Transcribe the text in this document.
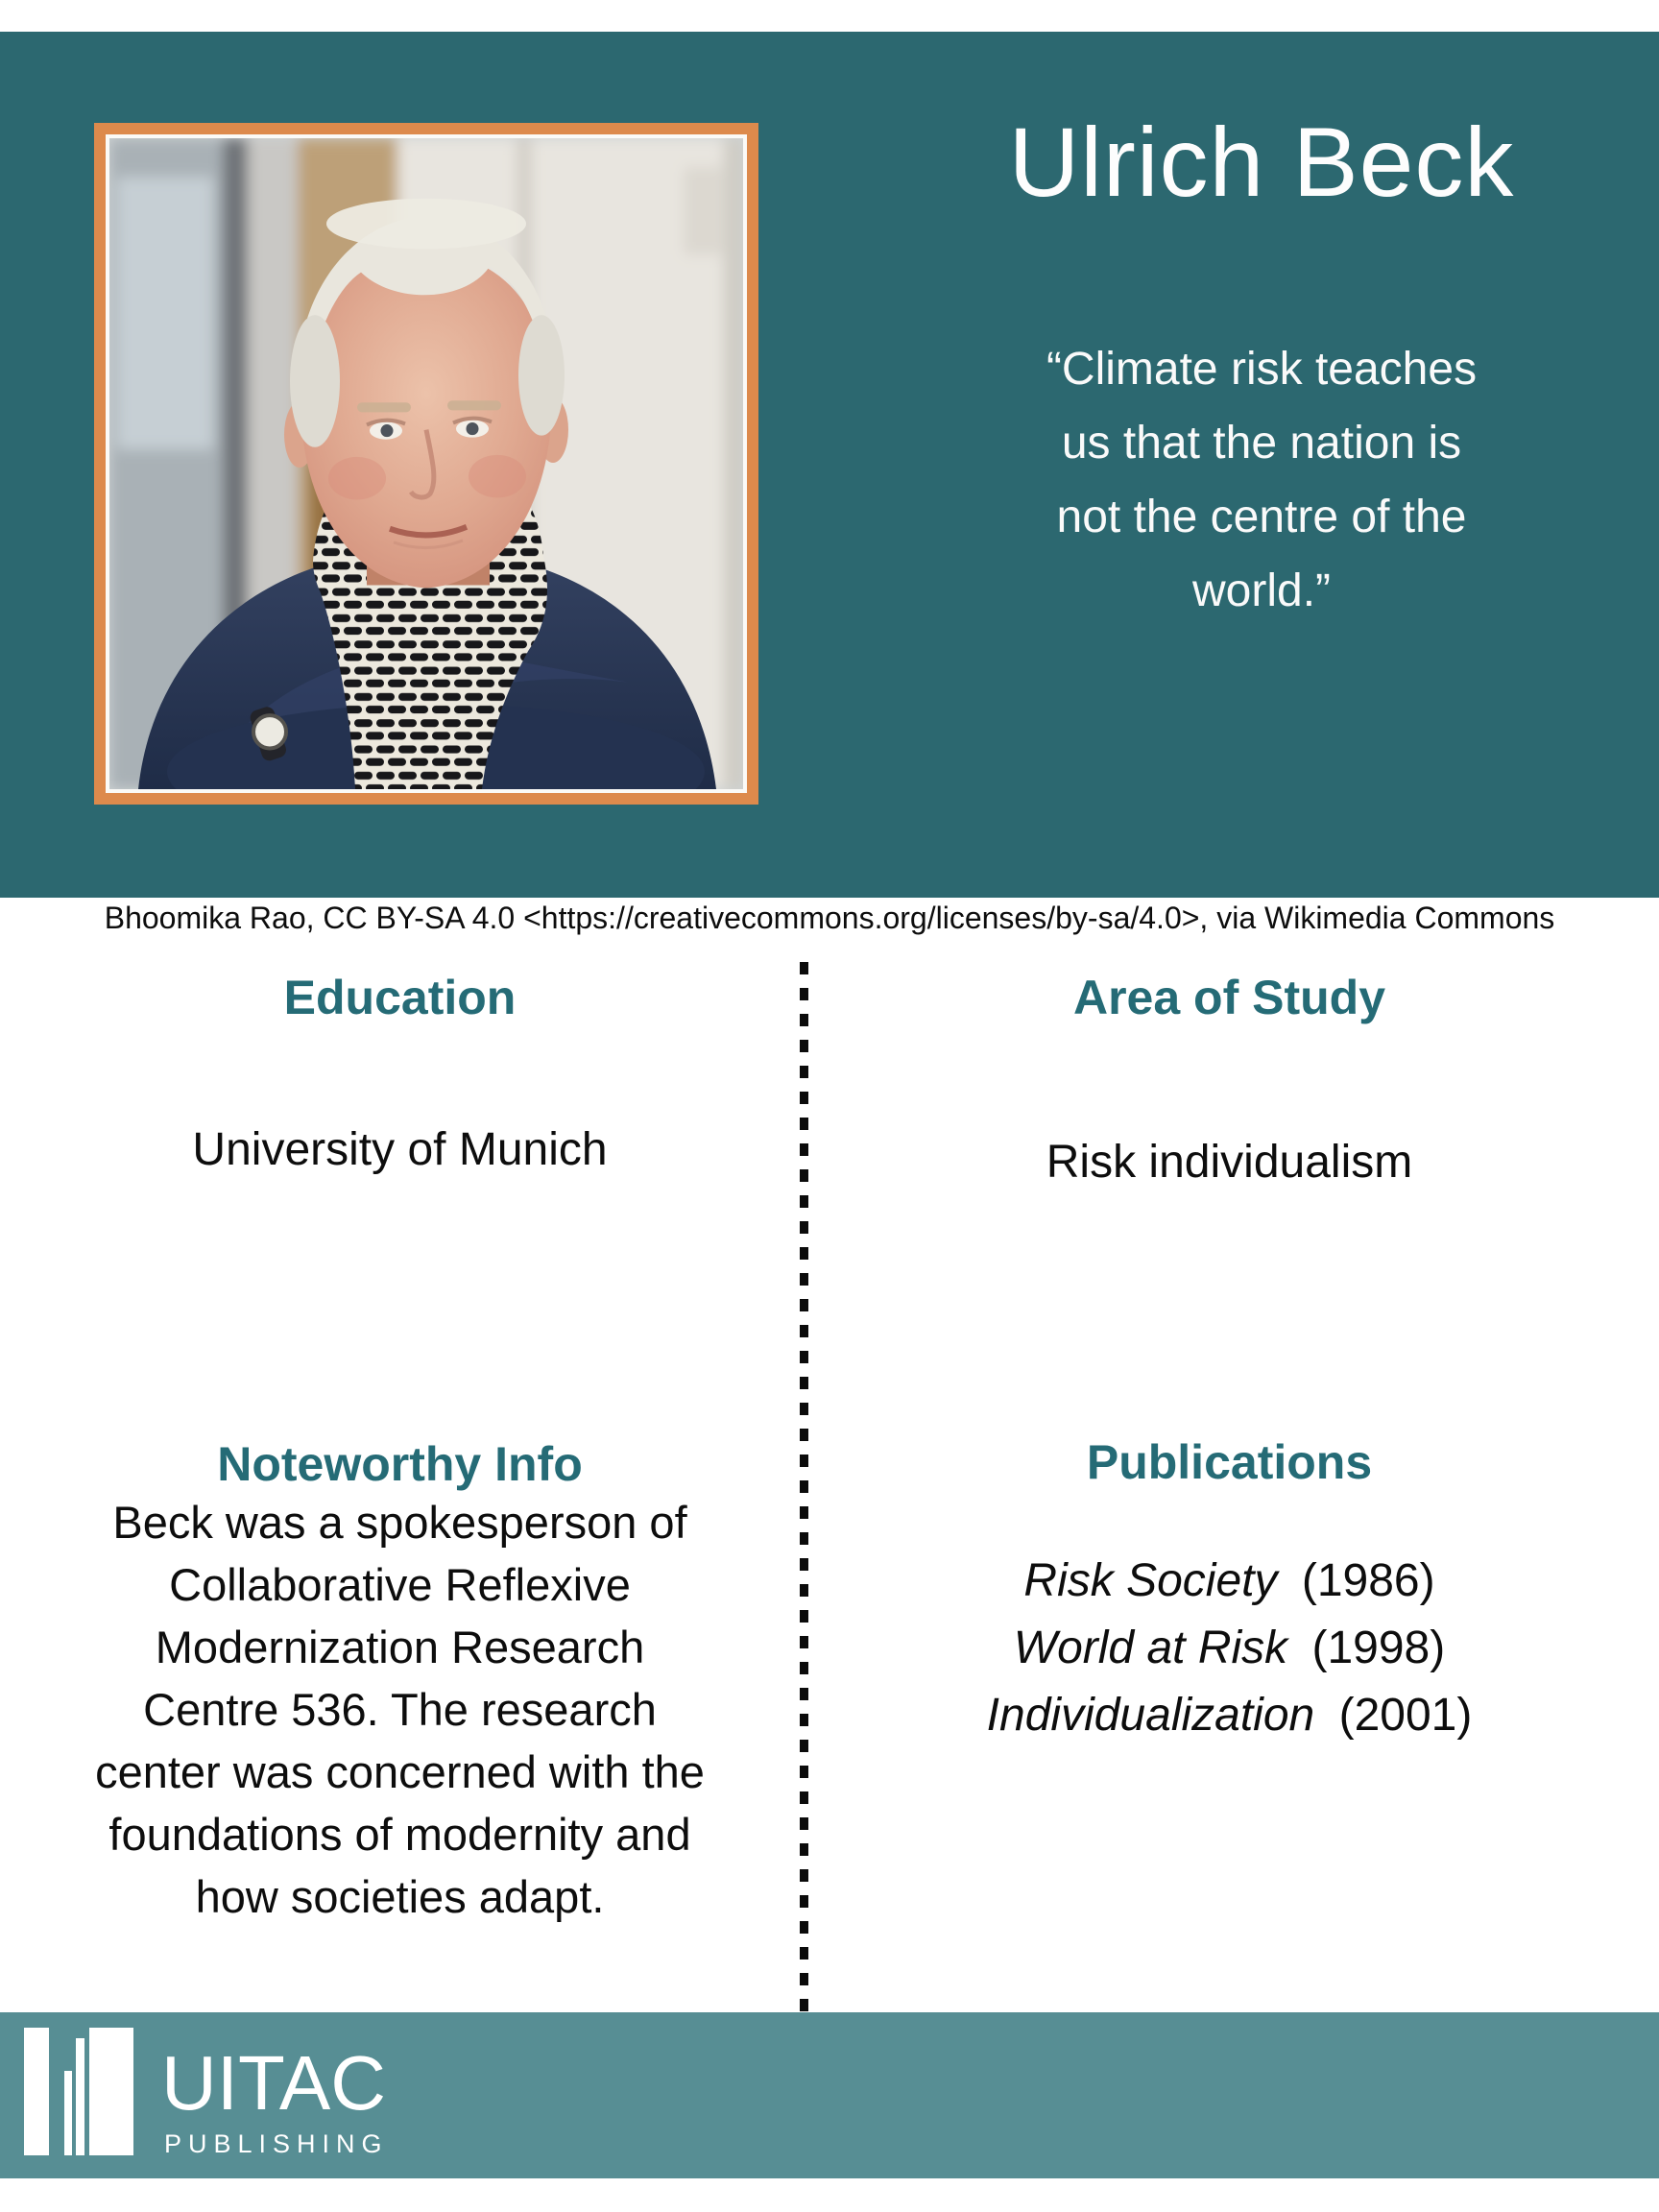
Ulrich Beck
“Climate risk teaches
us that the nation is
not the centre of the
world.”
Bhoomika Rao, CC BY-SA 4.0 <https://creativecommons.org/licenses/by-sa/4.0>, via Wikimedia Commons
Education
University of Munich
Noteworthy Info
Beck was a spokesperson of
Collaborative Reflexive
Modernization Research
Centre 536. The research
center was concerned with the
foundations of modernity and
how societies adapt.
Area of Study
Risk individualism
Publications
Risk Society (1986)
World at Risk (1998)
Individualization (2001)
UITAC
PUBLISHING
